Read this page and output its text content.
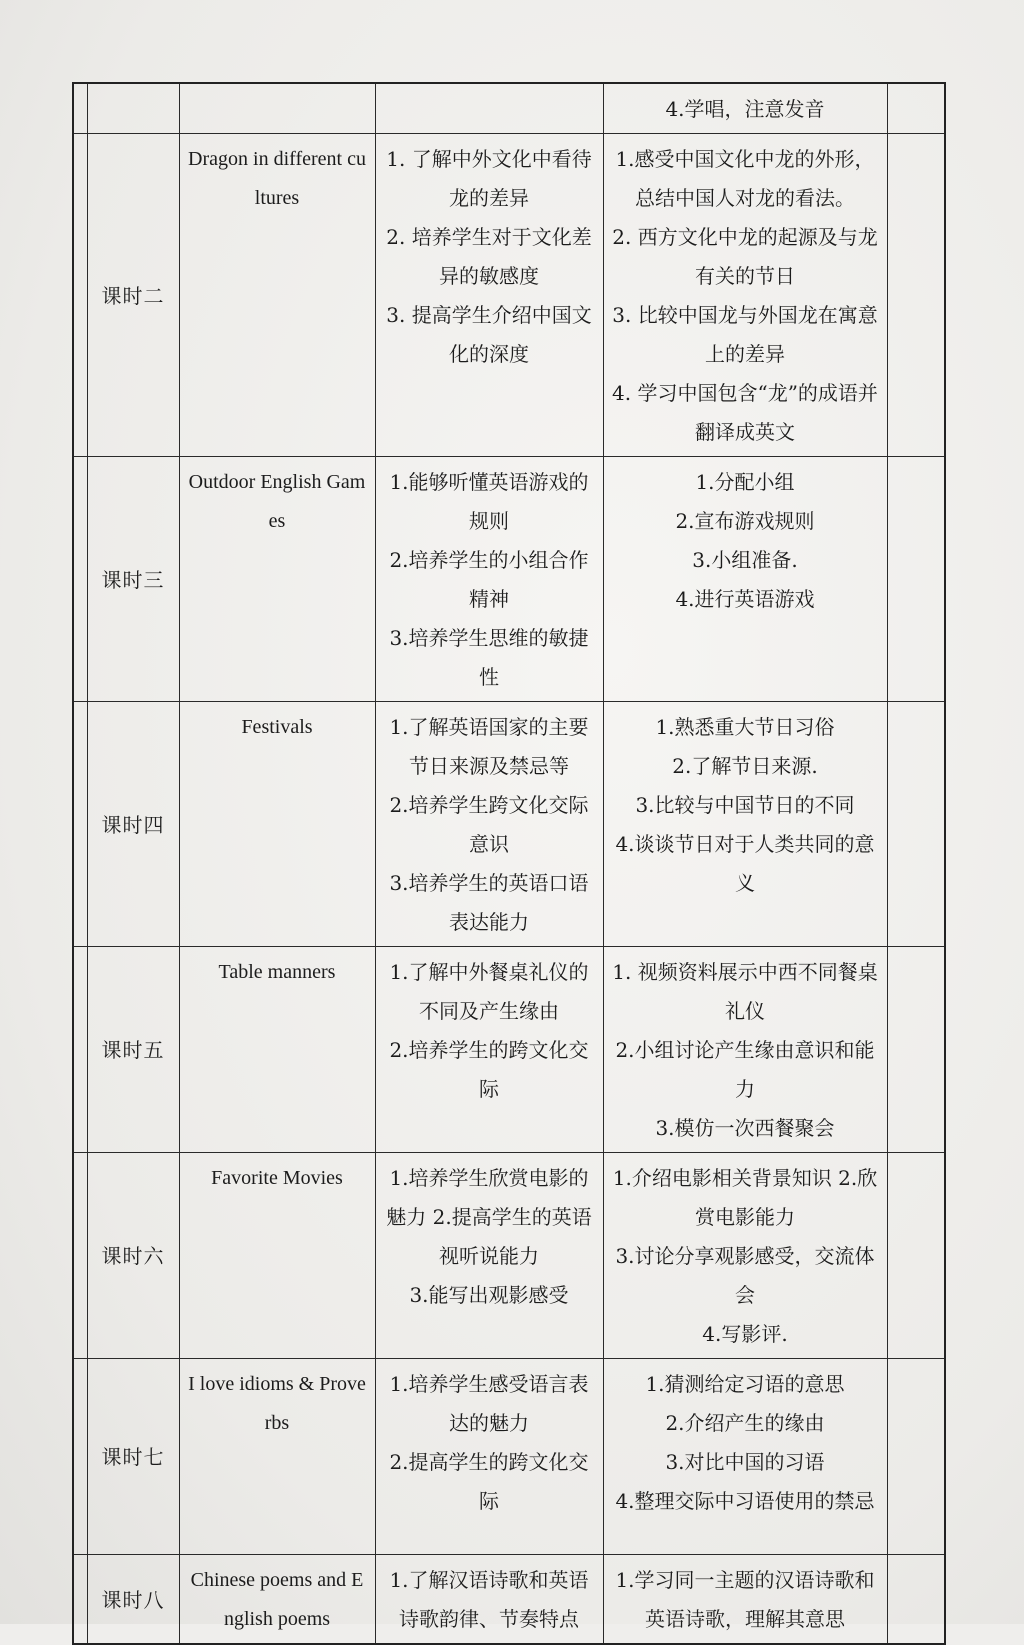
				4.学唱，注意发音	

	课时二	Dragon in different cultures	1. 了解中外文化中看待龙的差异
2. 培养学生对于文化差异的敏感度
3. 提高学生介绍中国文化的深度	1.感受中国文化中龙的外形，总结中国人对龙的看法。
2. 西方文化中龙的起源及与龙有关的节日
3. 比较中国龙与外国龙在寓意上的差异
4. 学习中国包含“龙”的成语并翻译成英文	

	课时三	Outdoor English Games	1.能够听懂英语游戏的规则
2.培养学生的小组合作精神
3.培养学生思维的敏捷性	1.分配小组
2.宣布游戏规则
3.小组准备.
4.进行英语游戏	

	课时四	Festivals	1.了解英语国家的主要节日来源及禁忌等
2.培养学生跨文化交际意识
3.培养学生的英语口语表达能力	1.熟悉重大节日习俗
2.了解节日来源.
3.比较与中国节日的不同
4.谈谈节日对于人类共同的意义	

	课时五	Table manners	1.了解中外餐桌礼仪的不同及产生缘由
2.培养学生的跨文化交际	1. 视频资料展示中西不同餐桌礼仪
2.小组讨论产生缘由意识和能力
3.模仿一次西餐聚会	

	课时六	Favorite Movies	1.培养学生欣赏电影的魅力 2.提高学生的英语视听说能力
3.能写出观影感受	1.介绍电影相关背景知识 2.欣赏电影能力
3.讨论分享观影感受，交流体会
4.写影评.	

	课时七	I love idioms & Proverbs	1.培养学生感受语言表达的魅力
2.提高学生的跨文化交际	1.猜测给定习语的意思
2.介绍产生的缘由
3.对比中国的习语
4.整理交际中习语使用的禁忌	

	课时八	Chinese poems and English poems	1.了解汉语诗歌和英语诗歌韵律、节奏特点	1.学习同一主题的汉语诗歌和英语诗歌，理解其意思	
